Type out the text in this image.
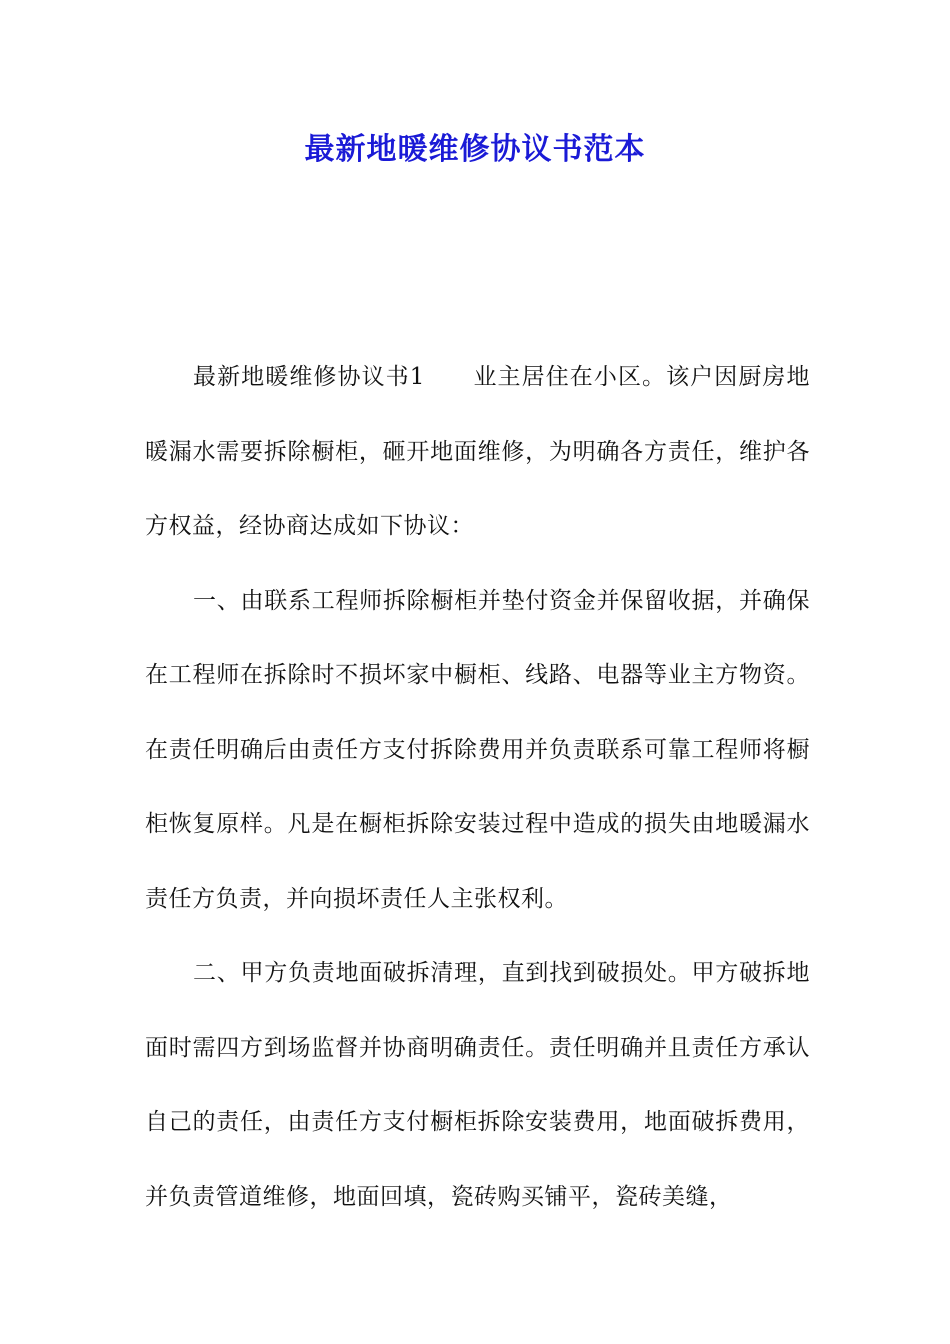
最新地暖维修协议书范本

最新地暖维修协议书1 业主居住在小区。该户因厨房地暖漏水需要拆除橱柜，砸开地面维修，为明确各方责任，维护各方权益，经协商达成如下协议：

一、由联系工程师拆除橱柜并垫付资金并保留收据，并确保在工程师在拆除时不损坏家中橱柜、线路、电器等业主方物资。在责任明确后由责任方支付拆除费用并负责联系可靠工程师将橱柜恢复原样。凡是在橱柜拆除安装过程中造成的损失由地暖漏水责任方负责，并向损坏责任人主张权利。

二、甲方负责地面破拆清理，直到找到破损处。甲方破拆地面时需四方到场监督并协商明确责任。责任明确并且责任方承认自己的责任，由责任方支付橱柜拆除安装费用，地面破拆费用，并负责管道维修，地面回填，瓷砖购买铺平，瓷砖美缝，
